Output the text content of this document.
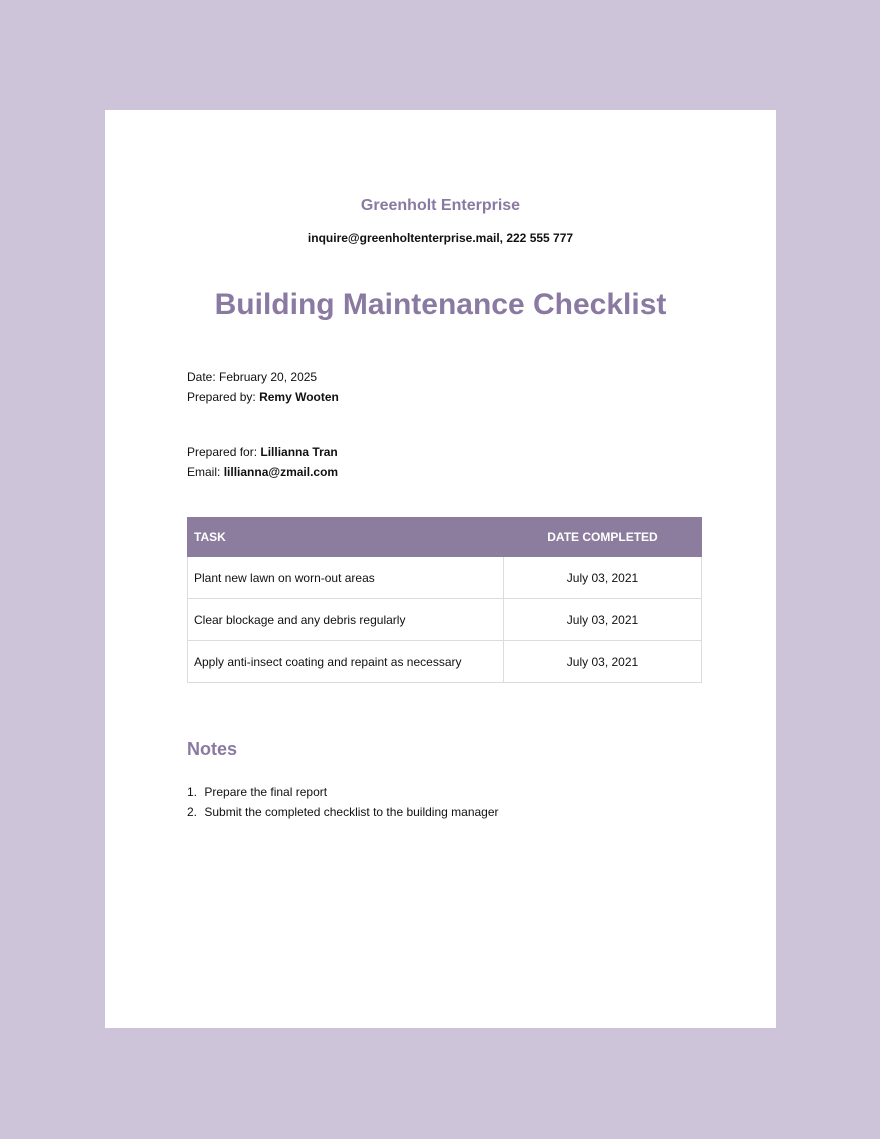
Greenholt Enterprise
inquire@greenholtenterprise.mail, 222 555 777
Building Maintenance Checklist
Date: February 20, 2025
Prepared by: Remy Wooten
Prepared for: Lillianna Tran
Email: lillianna@zmail.com
TASK	DATE COMPLETED
Plant new lawn on worn-out areas	July 03, 2021
Clear blockage and any debris regularly	July 03, 2021
Apply anti-insect coating and repaint as necessary	July 03, 2021
Notes
1. Prepare the final report
2. Submit the completed checklist to the building manager
